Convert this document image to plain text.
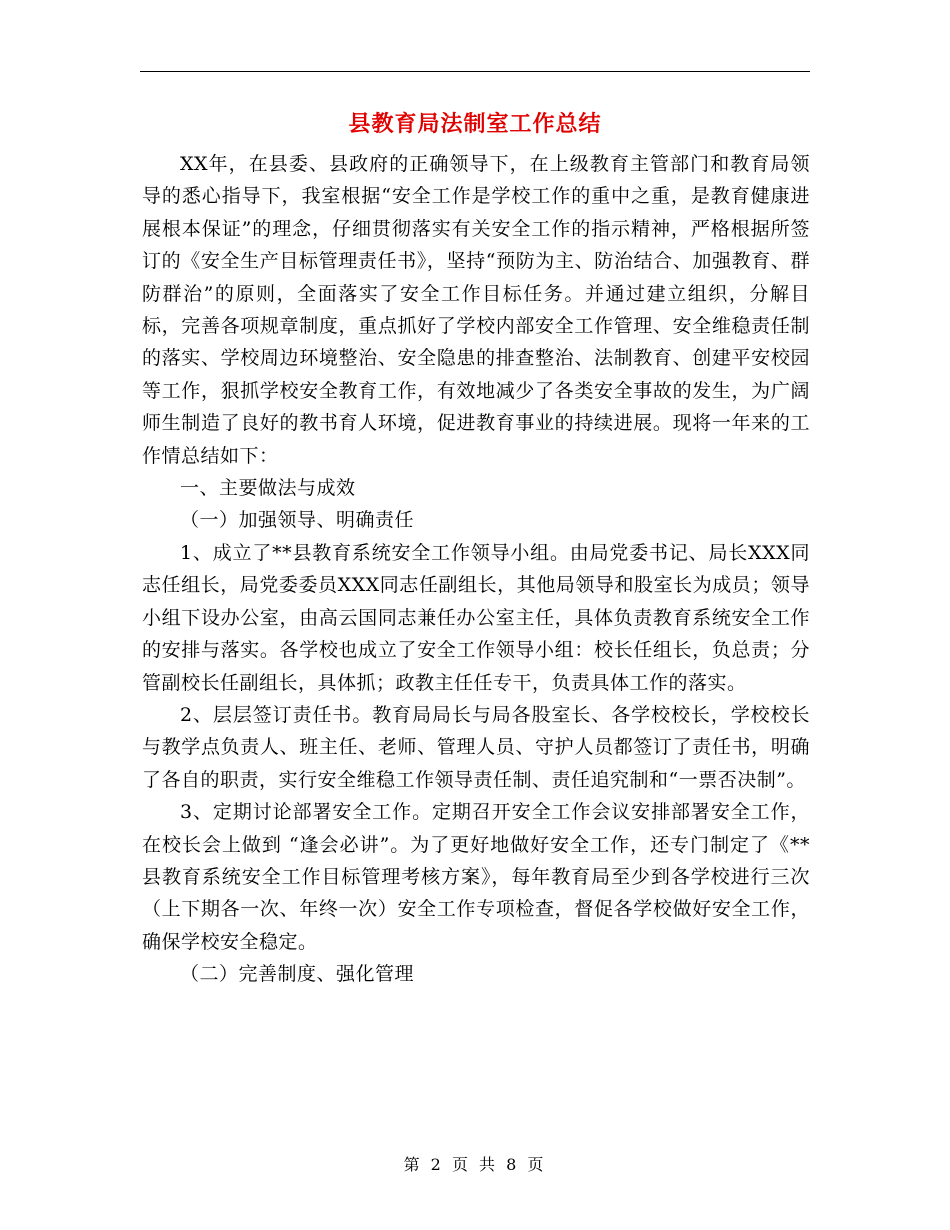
县教育局法制室工作总结

XX年，在县委、县政府的正确领导下，在上级教育主管部门和教育局领导的悉心指导下，我室根据“安全工作是学校工作的重中之重，是教育健康进展根本保证”的理念，仔细贯彻落实有关安全工作的指示精神，严格根据所签订的《安全生产目标管理责任书》，坚持“预防为主、防治结合、加强教育、群防群治”的原则，全面落实了安全工作目标任务。并通过建立组织，分解目标，完善各项规章制度，重点抓好了学校内部安全工作管理、安全维稳责任制的落实、学校周边环境整治、安全隐患的排查整治、法制教育、创建平安校园等工作，狠抓学校安全教育工作，有效地减少了各类安全事故的发生，为广阔师生制造了良好的教书育人环境，促进教育事业的持续进展。现将一年来的工作情总结如下：

一、主要做法与成效

（一）加强领导、明确责任

1、成立了**县教育系统安全工作领导小组。由局党委书记、局长XXX同志任组长，局党委委员XXX同志任副组长，其他局领导和股室长为成员；领导小组下设办公室，由高云国同志兼任办公室主任，具体负责教育系统安全工作的安排与落实。各学校也成立了安全工作领导小组：校长任组长，负总责；分管副校长任副组长，具体抓；政教主任任专干，负责具体工作的落实。

2、层层签订责任书。教育局局长与局各股室长、各学校校长，学校校长与教学点负责人、班主任、老师、管理人员、守护人员都签订了责任书，明确了各自的职责，实行安全维稳工作领导责任制、责任追究制和“一票否决制”。

3、定期讨论部署安全工作。定期召开安全工作会议安排部署安全工作，在校长会上做到 “逢会必讲”。为了更好地做好安全工作，还专门制定了《**县教育系统安全工作目标管理考核方案》，每年教育局至少到各学校进行三次（上下期各一次、年终一次）安全工作专项检查，督促各学校做好安全工作，确保学校安全稳定。

（二）完善制度、强化管理

第 2 页 共 8 页
